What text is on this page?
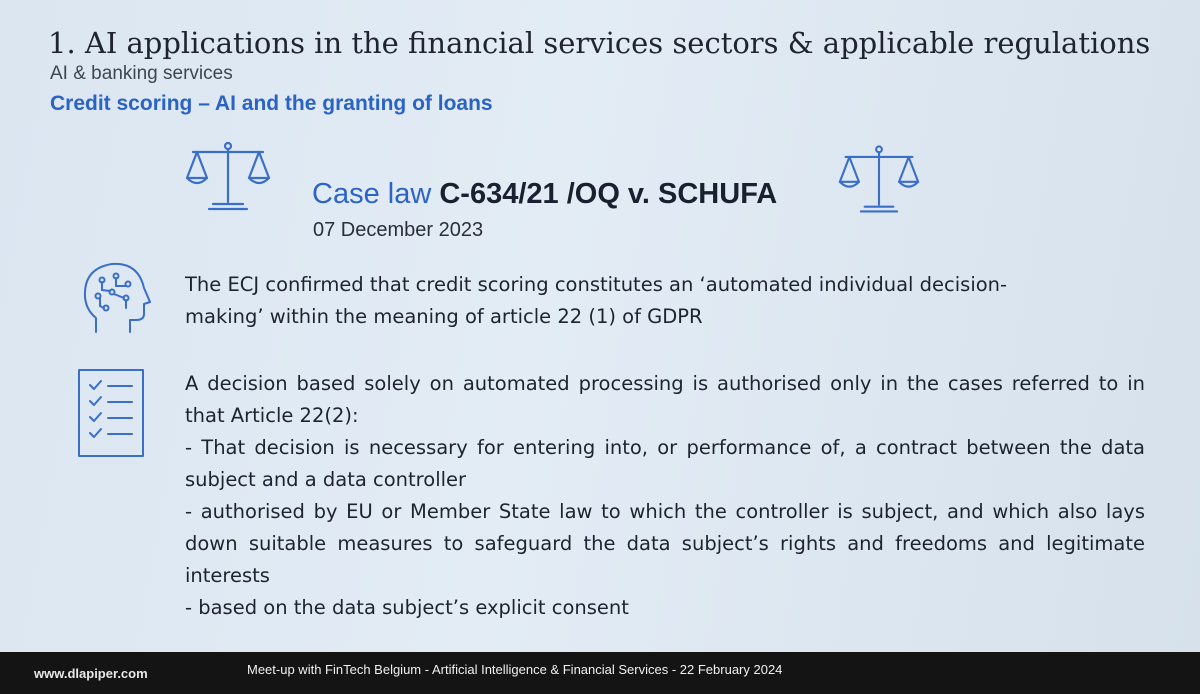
1. AI applications in the financial services sectors & applicable regulations
AI & banking services
Credit scoring – AI and the granting of loans
Case law C-634/21 /OQ v. SCHUFA
07 December 2023
The ECJ confirmed that credit scoring constitutes an ‘automated individual decision-making’ within the meaning of article 22 (1) of GDPR
A decision based solely on automated processing is authorised only in the cases referred to in that Article 22(2):
- That decision is necessary for entering into, or performance of, a contract between the data subject and a data controller
- authorised by EU or Member State law to which the controller is subject, and which also lays down suitable measures to safeguard the data subject’s rights and freedoms and legitimate interests
- based on the data subject’s explicit consent
www.dlapiper.com	Meet-up with FinTech Belgium - Artificial Intelligence & Financial Services - 22 February 2024
